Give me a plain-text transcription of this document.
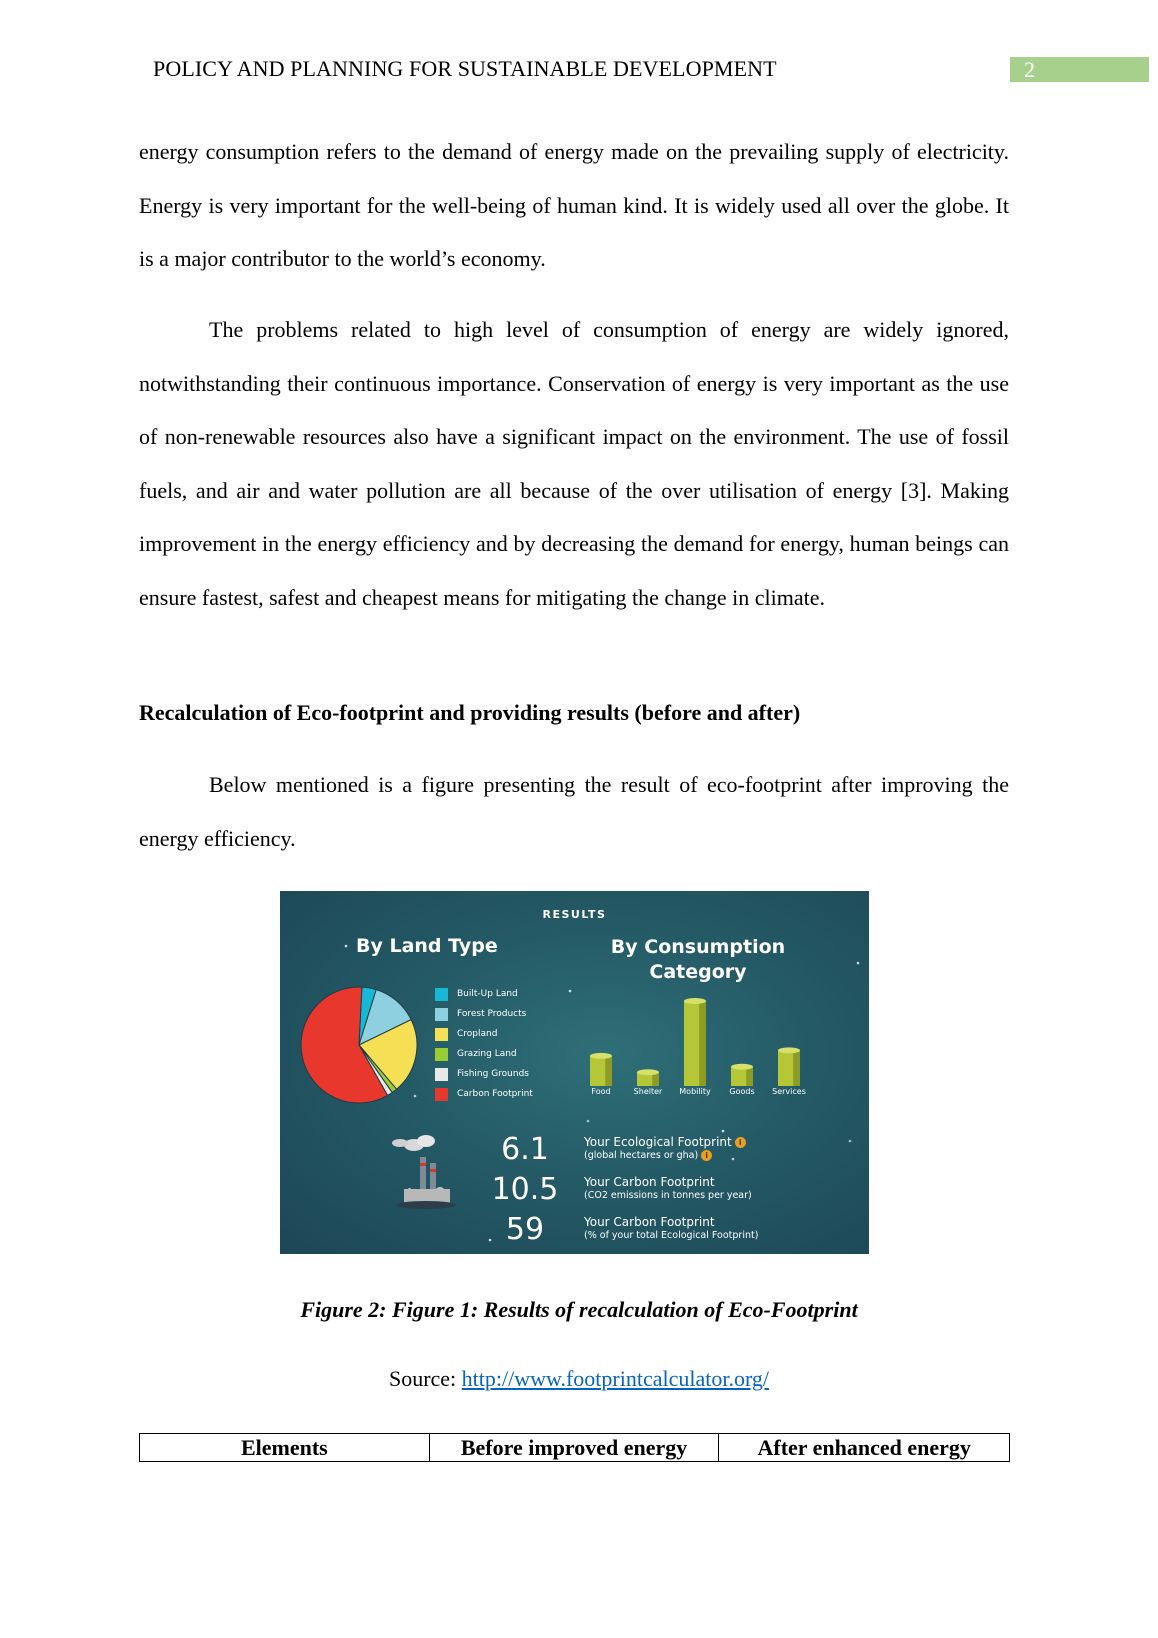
POLICY AND PLANNING FOR SUSTAINABLE DEVELOPMENT	2

energy consumption refers to the demand of energy made on the prevailing supply of electricity. Energy is very important for the well-being of human kind. It is widely used all over the globe. It is a major contributor to the world’s economy.

The problems related to high level of consumption of energy are widely ignored, notwithstanding their continuous importance. Conservation of energy is very important as the use of non-renewable resources also have a significant impact on the environment. The use of fossil fuels, and air and water pollution are all because of the over utilisation of energy [3]. Making improvement in the energy efficiency and by decreasing the demand for energy, human beings can ensure fastest, safest and cheapest means for mitigating the change in climate.

Recalculation of Eco-footprint and providing results (before and after)

Below mentioned is a figure presenting the result of eco-footprint after improving the energy efficiency.

RESULTS
By Land Type	By Consumption
Category
Built-Up Land
Forest Products
Cropland
Grazing Land
Fishing Grounds
Carbon Footprint	Food	Shelter	Mobility	Goods	Services
6.1	Your Ecological Footprint i
(global hectares or gha) i
10.5	Your Carbon Footprint
(CO2 emissions in tonnes per year)
59	Your Carbon Footprint
(% of your total Ecological Footprint)
Figure 2: Figure 1: Results of recalculation of Eco-Footprint
Source: http://www.footprintcalculator.org/
Elements	Before improved energy	After enhanced energy
